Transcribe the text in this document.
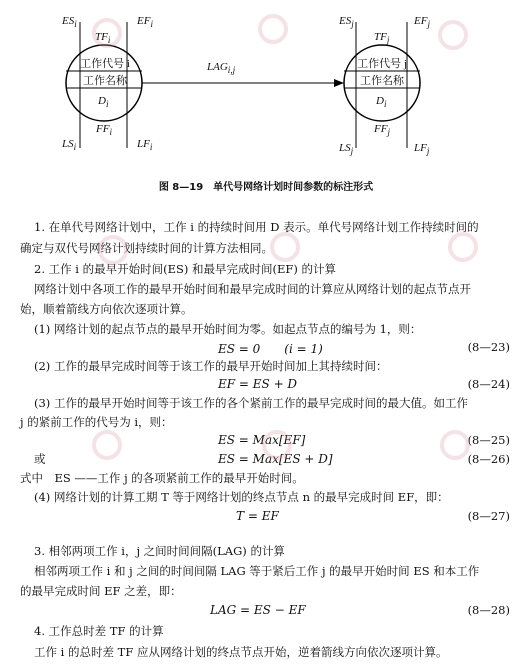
$ES_i$	$EF_i$
$TF_i$
工作代号 i
工作名称
$D_i$
$FF_i$
$LS_i$	$LF_i$
$LAG_{i,j}$
$ES_j$	$EF_j$
$TF_j$
工作代号 j
工作名称
$D_i$
$FF_j$
$LS_j$	$LF_j$
图 8—19　单代号网络计划时间参数的标注形式
1. 在单代号网络计划中，工作 i 的持续时间用 D 表示。单代号网络计划工作持续时间的
确定与双代号网络计划持续时间的计算方法相同。
2. 工作 i 的最早开始时间(ES) 和最早完成时间(EF) 的计算
网络计划中各项工作的最早开始时间和最早完成时间的计算应从网络计划的起点节点开
始，顺着箭线方向依次逐项计算。
(1) 网络计划的起点节点的最早开始时间为零。如起点节点的编号为 1，则：
ES = 0　　(i = 1)	(8—23)
(2) 工作的最早完成时间等于该工作的最早开始时间加上其持续时间：
EF = ES + D	(8—24)
(3) 工作的最早开始时间等于该工作的各个紧前工作的最早完成时间的最大值。如工作
j 的紧前工作的代号为 i，则：
ES = Max[EF]	(8—25)
或	ES = Max[ES + D]	(8—26)
式中　ES ——工作 j 的各项紧前工作的最早开始时间。
(4) 网络计划的计算工期 T 等于网络计划的终点节点 n 的最早完成时间 EF，即：
T = EF	(8—27)
3. 相邻两项工作 i，j 之间时间间隔(LAG) 的计算
相邻两项工作 i 和 j 之间的时间间隔 LAG 等于紧后工作 j 的最早开始时间 ES 和本工作
的最早完成时间 EF 之差，即：
LAG = ES − EF	(8—28)
4. 工作总时差 TF 的计算
工作 i 的总时差 TF 应从网络计划的终点节点开始，逆着箭线方向依次逐项计算。
